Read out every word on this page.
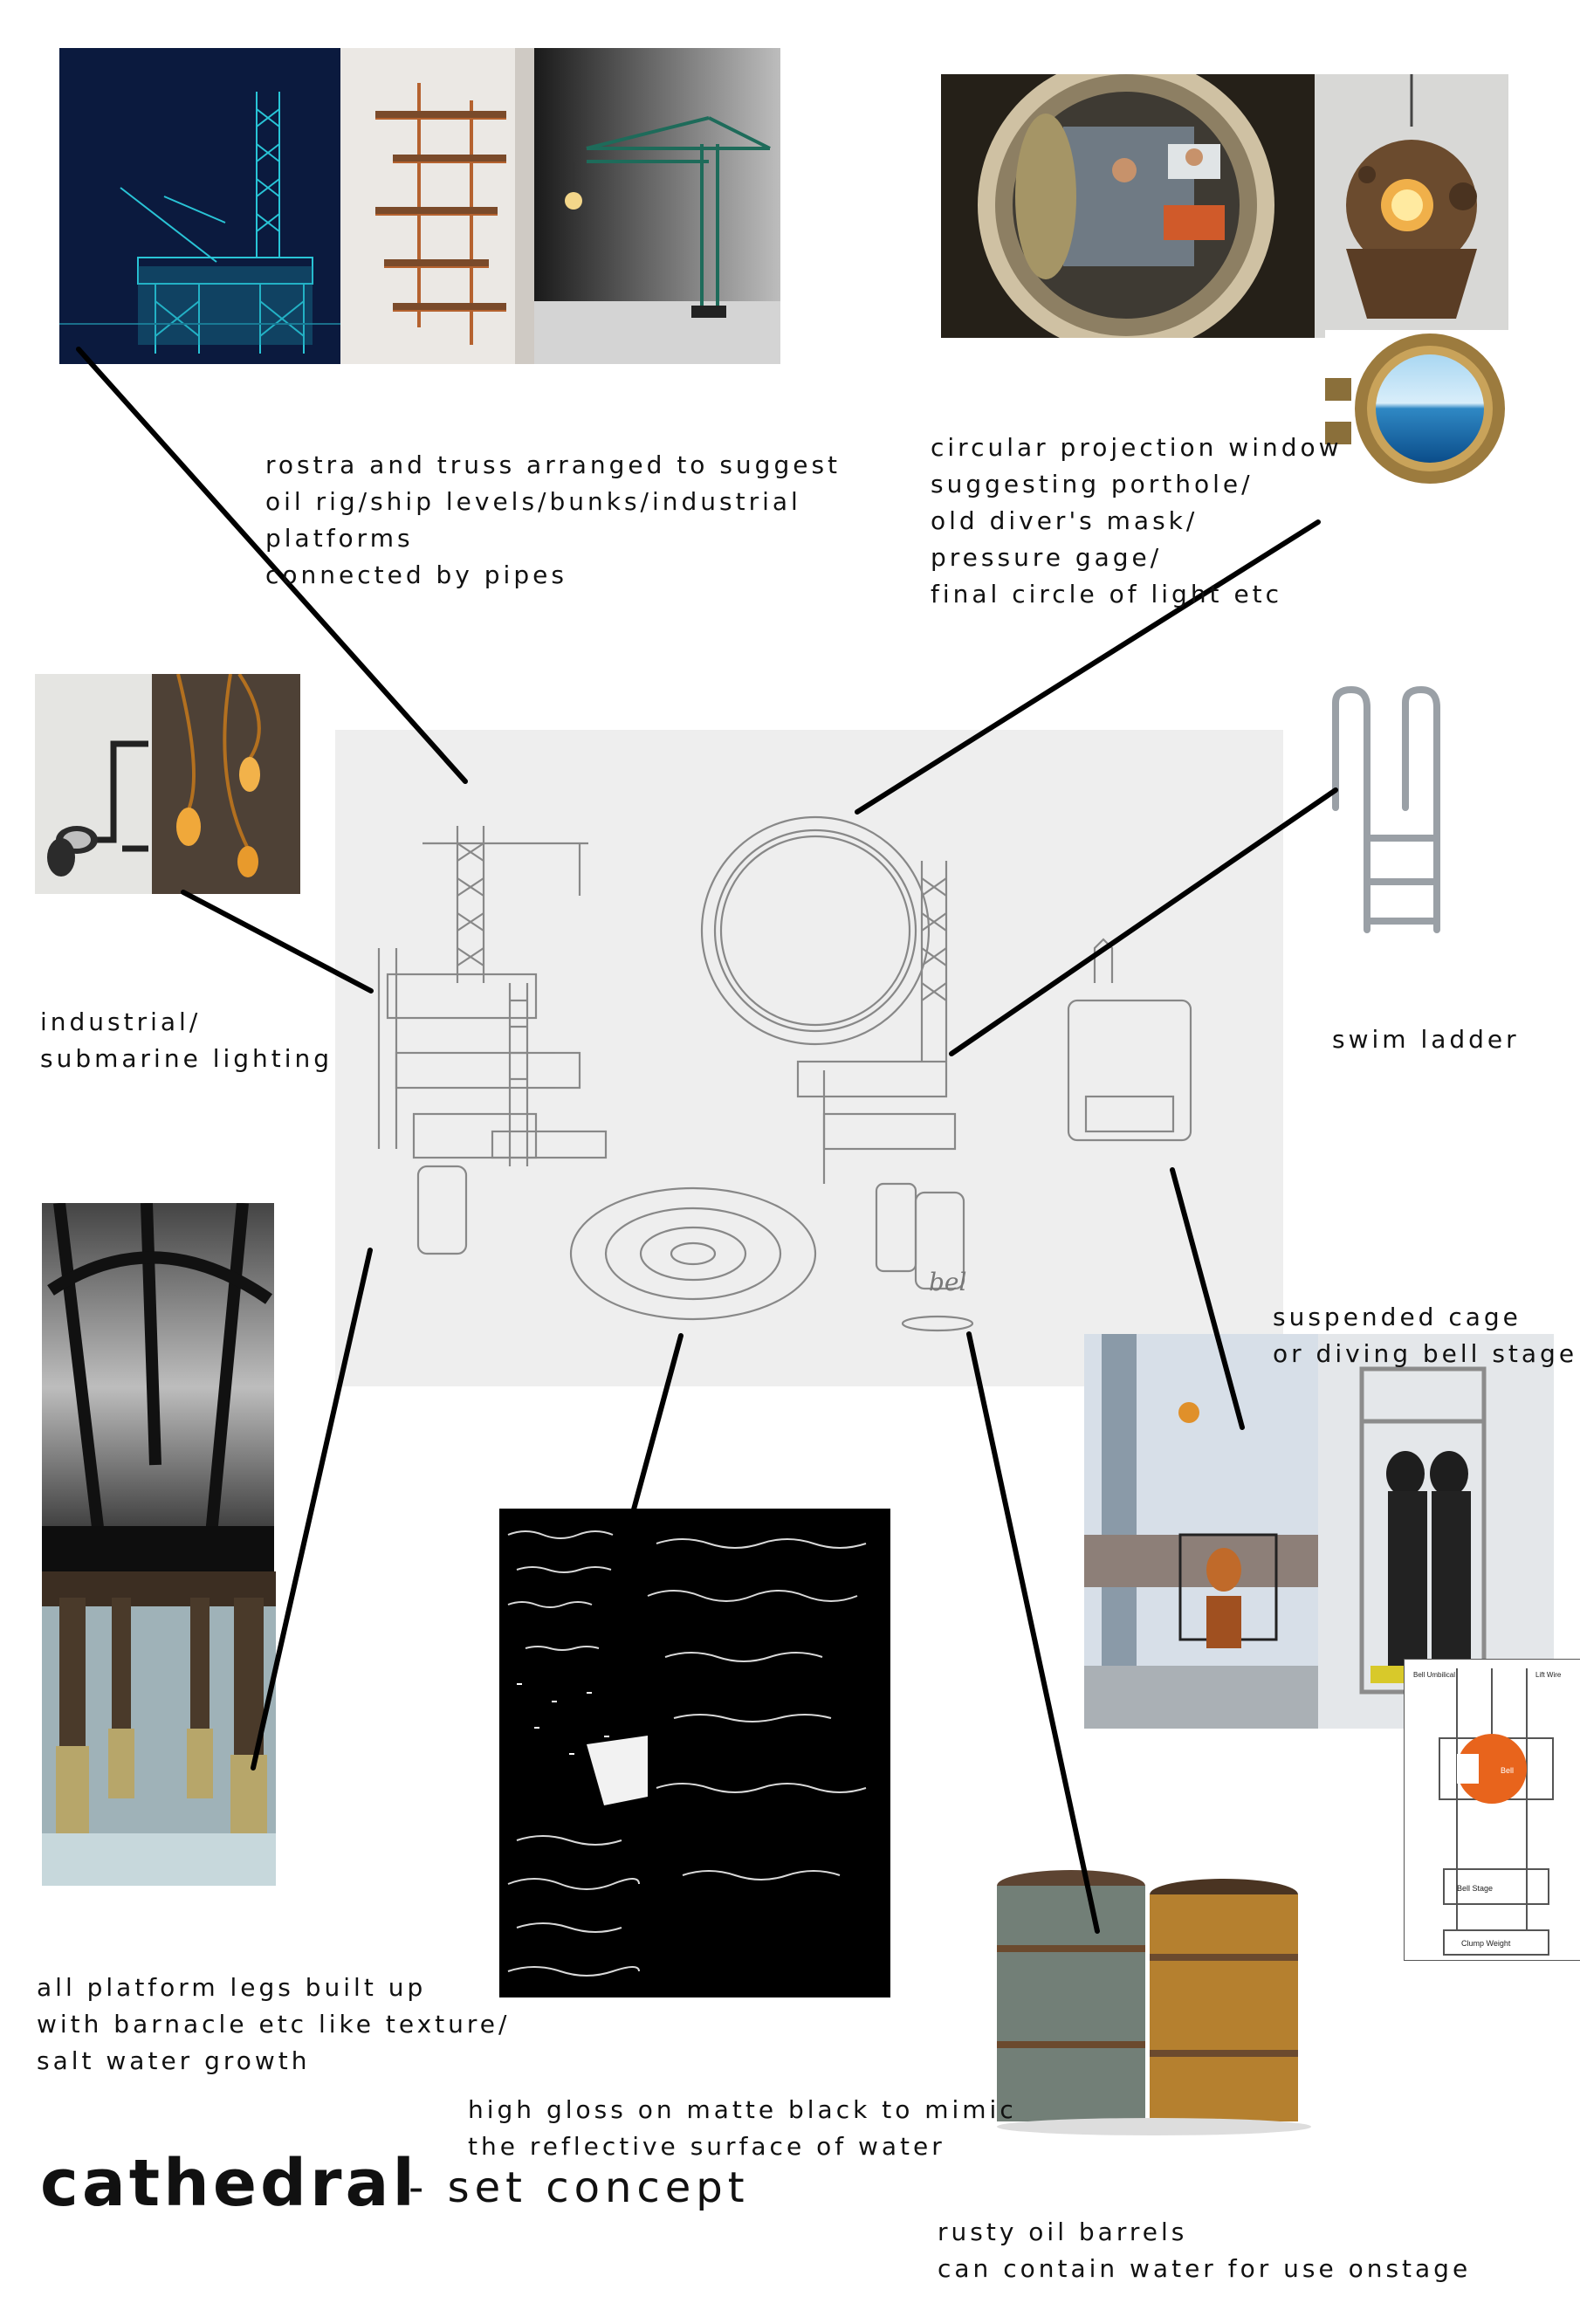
bel
Bell Umbilical	Lift Wire
Bell
Bell Stage
Clump Weight

rostra and truss arranged to suggest
oil rig/ship levels/bunks/industrial
platforms
connected by pipes

circular projection window
suggesting porthole/
old diver's mask/
pressure gage/
final circle of light etc

industrial/
submarine lighting

swim ladder

suspended cage
or diving bell stage

all platform legs built up
with barnacle etc like texture/
salt water growth

high gloss on matte black to mimic
the reflective surface of water

rusty oil barrels
can contain water for use onstage

cathedral
- set concept
